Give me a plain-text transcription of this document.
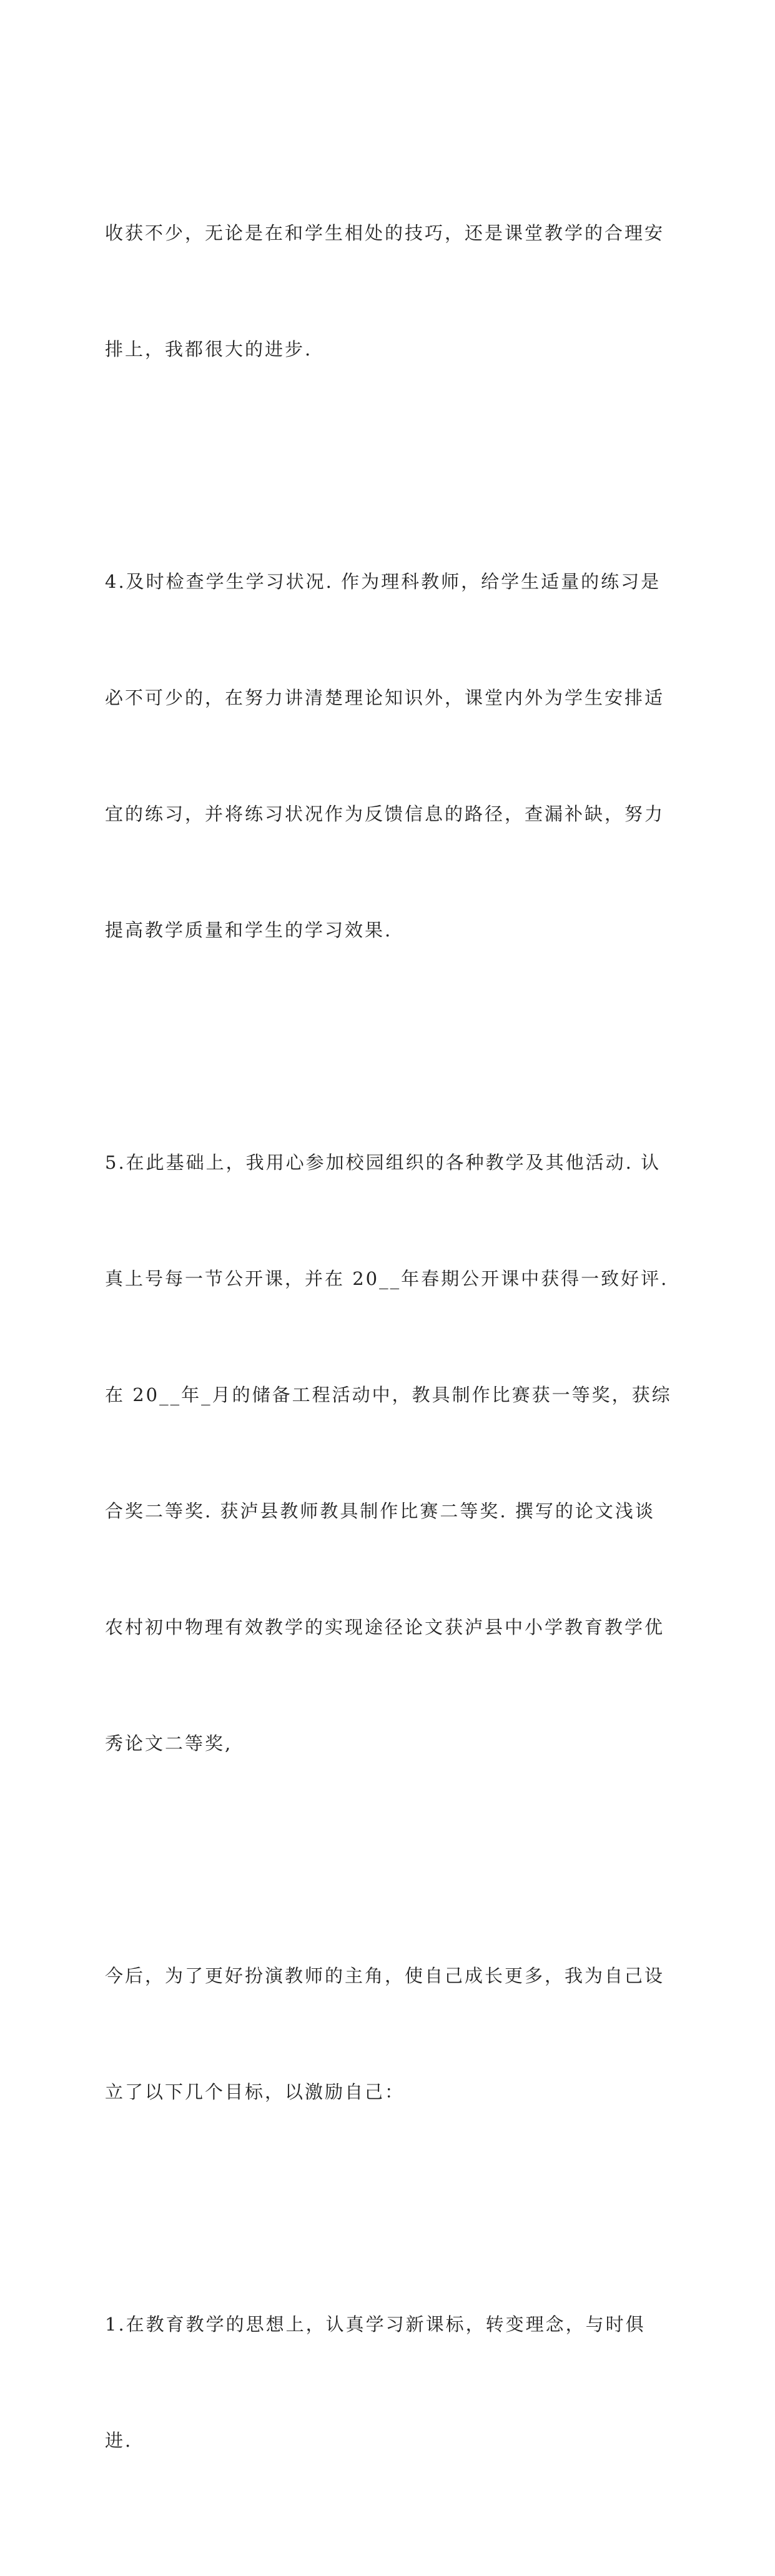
收获不少，无论是在和学生相处的技巧，还是课堂教学的合理安

排上，我都很大的进步.

4.及时检查学生学习状况. 作为理科教师，给学生适量的练习是

必不可少的，在努力讲清楚理论知识外，课堂内外为学生安排适

宜的练习，并将练习状况作为反馈信息的路径，查漏补缺，努力

提高教学质量和学生的学习效果.

5.在此基础上，我用心参加校园组织的各种教学及其他活动. 认

真上号每一节公开课，并在 20__年春期公开课中获得一致好评.

在 20__年_月的储备工程活动中，教具制作比赛获一等奖，获综

合奖二等奖. 获泸县教师教具制作比赛二等奖. 撰写的论文浅谈

农村初中物理有效教学的实现途径论文获泸县中小学教育教学优

秀论文二等奖,

今后，为了更好扮演教师的主角，使自己成长更多，我为自己设

立了以下几个目标，以激励自己：

1.在教育教学的思想上，认真学习新课标，转变理念，与时俱

进.
